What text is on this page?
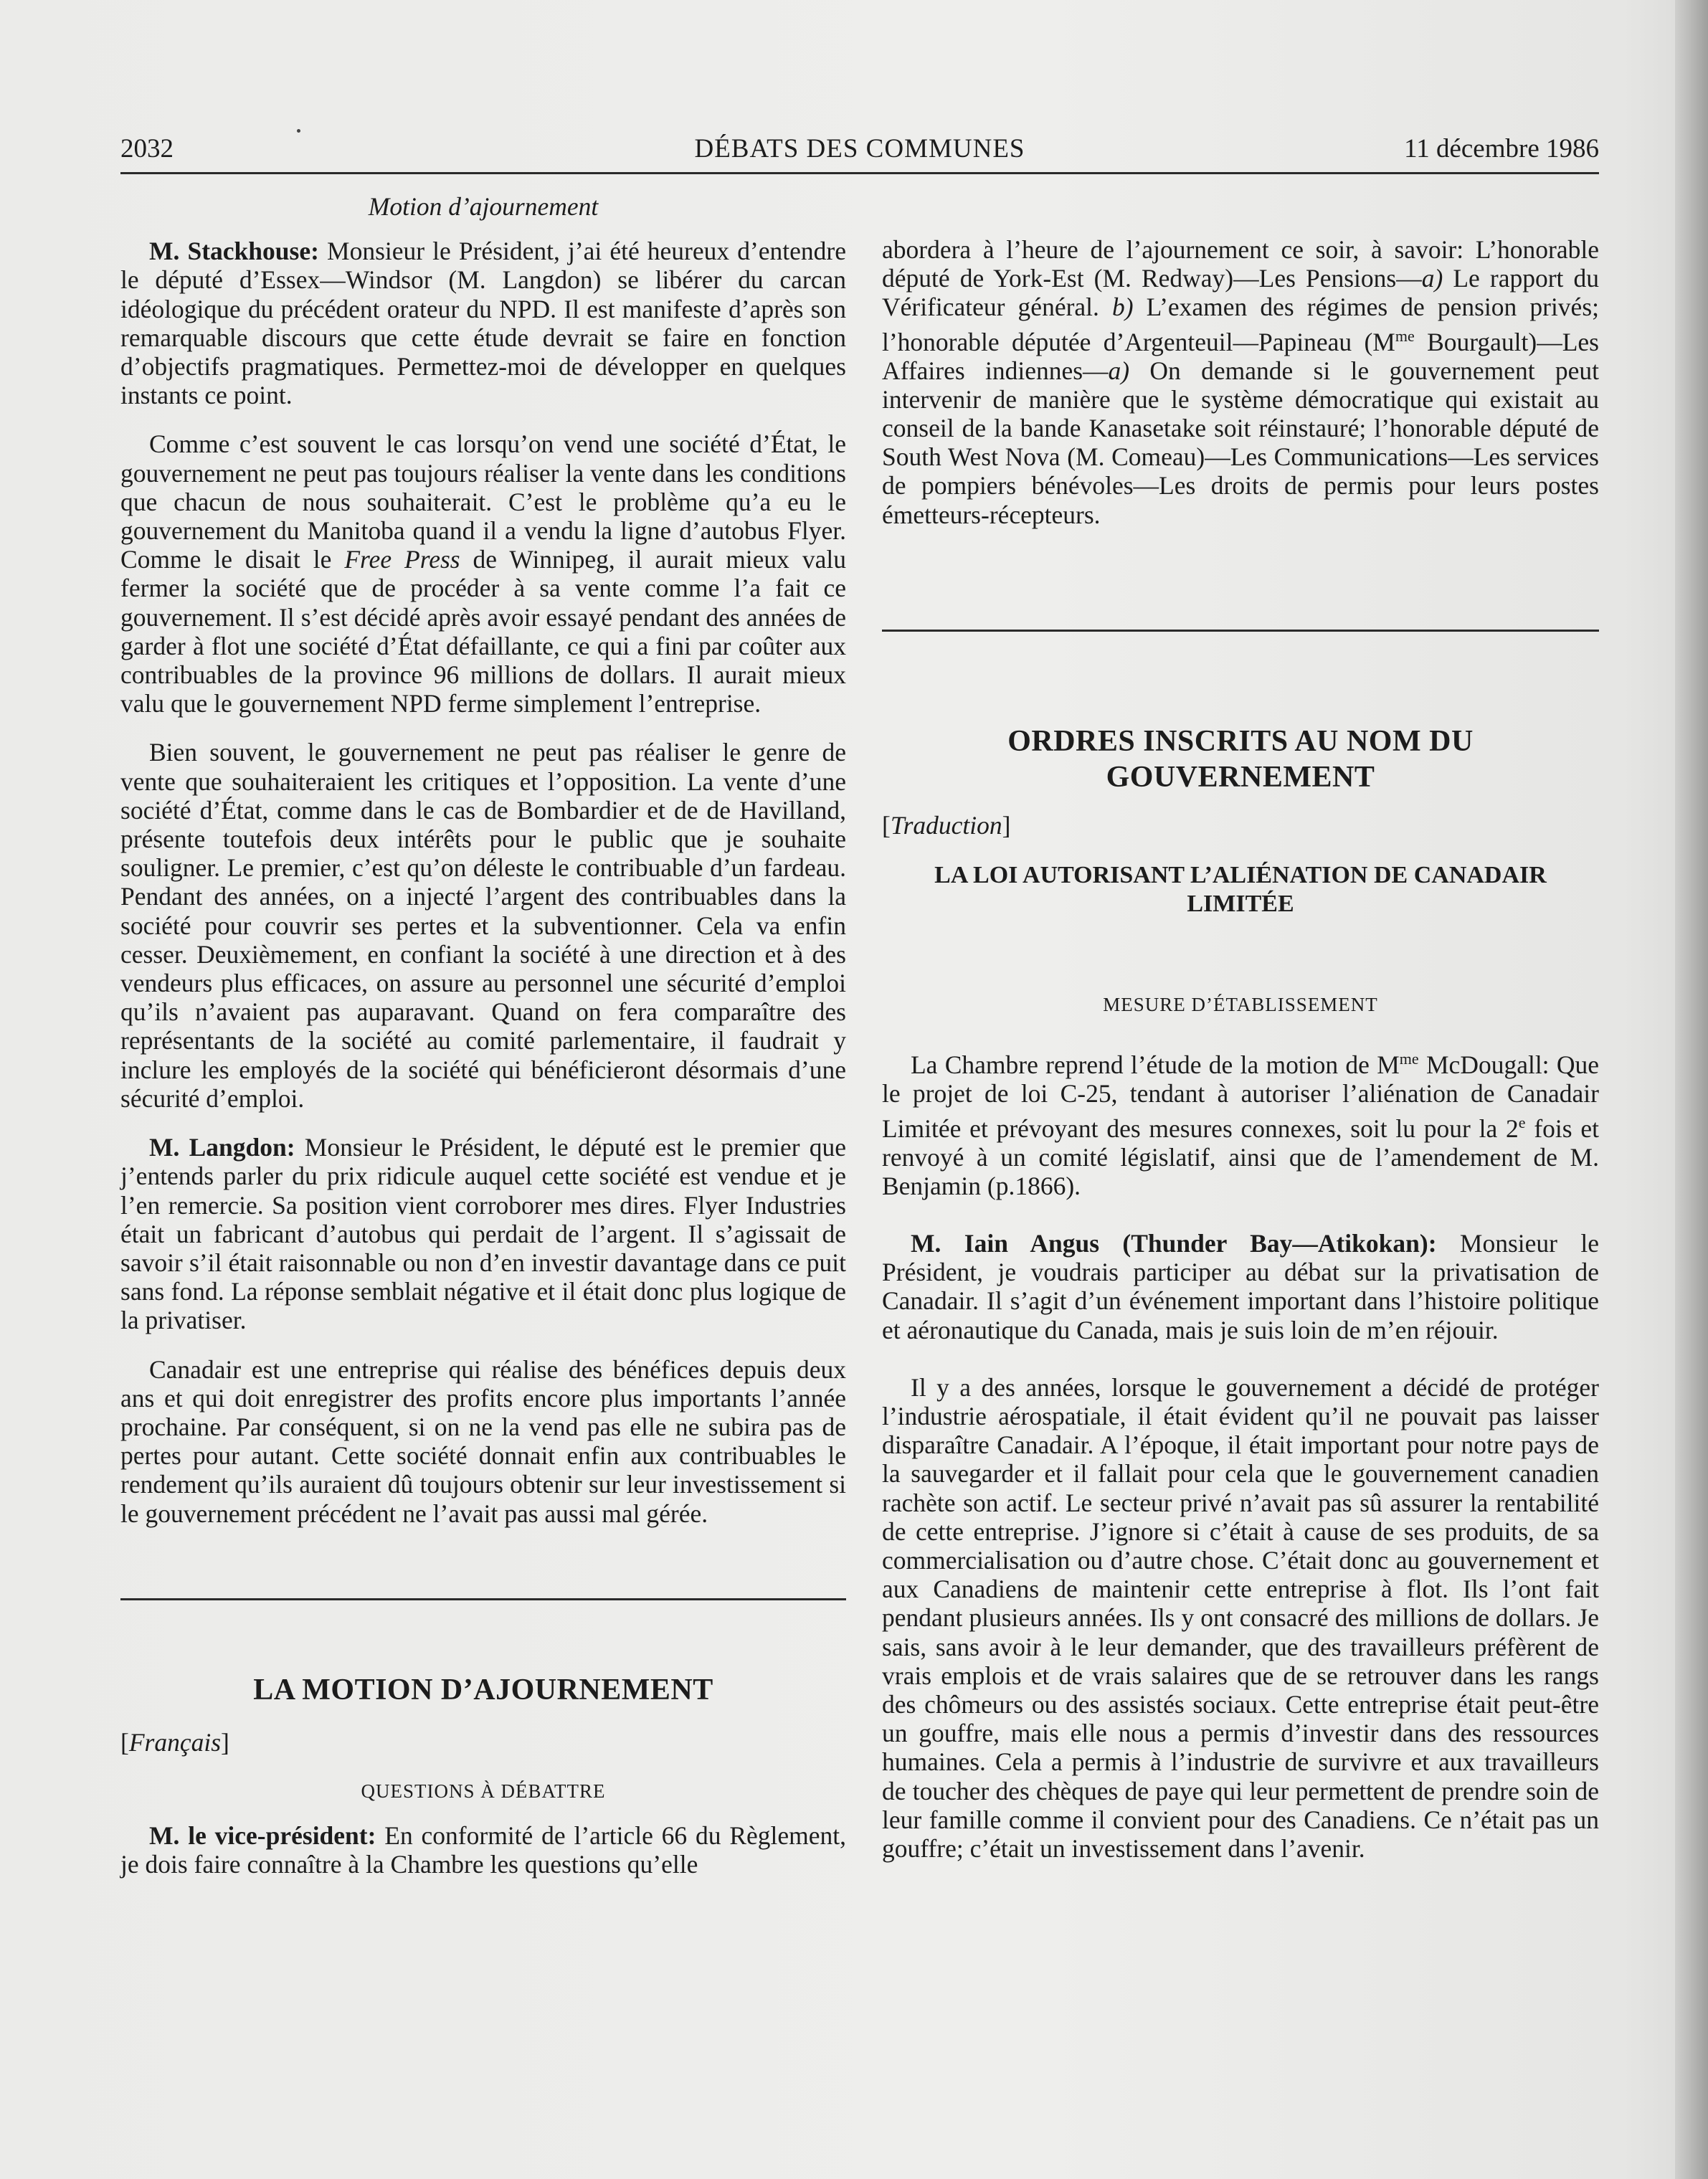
2032	DÉBATS DES COMMUNES	11 décembre 1986

Motion d’ajournement

M. Stackhouse: Monsieur le Président, j’ai été heureux d’entendre le député d’Essex—Windsor (M. Langdon) se libérer du carcan idéologique du précédent orateur du NPD. Il est manifeste d’après son remarquable discours que cette étude devrait se faire en fonction d’objectifs pragmatiques. Permettez-moi de développer en quelques instants ce point.

Comme c’est souvent le cas lorsqu’on vend une société d’État, le gouvernement ne peut pas toujours réaliser la vente dans les conditions que chacun de nous souhaiterait. C’est le problème qu’a eu le gouvernement du Manitoba quand il a vendu la ligne d’autobus Flyer. Comme le disait le Free Press de Winnipeg, il aurait mieux valu fermer la société que de procéder à sa vente comme l’a fait ce gouvernement. Il s’est décidé après avoir essayé pendant des années de garder à flot une société d’État défaillante, ce qui a fini par coûter aux contribuables de la province 96 millions de dollars. Il aurait mieux valu que le gouvernement NPD ferme simplement l’entreprise.

Bien souvent, le gouvernement ne peut pas réaliser le genre de vente que souhaiteraient les critiques et l’opposition. La vente d’une société d’État, comme dans le cas de Bombardier et de de Havilland, présente toutefois deux intérêts pour le public que je souhaite souligner. Le premier, c’est qu’on déleste le contribuable d’un fardeau. Pendant des années, on a injecté l’argent des contribuables dans la société pour couvrir ses pertes et la subventionner. Cela va enfin cesser. Deuxièmement, en confiant la société à une direction et à des vendeurs plus efficaces, on assure au personnel une sécurité d’emploi qu’ils n’avaient pas auparavant. Quand on fera comparaître des représentants de la société au comité parlementaire, il faudrait y inclure les employés de la société qui bénéficieront désormais d’une sécurité d’emploi.

M. Langdon: Monsieur le Président, le député est le premier que j’entends parler du prix ridicule auquel cette société est vendue et je l’en remercie. Sa position vient corroborer mes dires. Flyer Industries était un fabricant d’autobus qui perdait de l’argent. Il s’agissait de savoir s’il était raisonnable ou non d’en investir davantage dans ce puit sans fond. La réponse semblait négative et il était donc plus logique de la privatiser.

Canadair est une entreprise qui réalise des bénéfices depuis deux ans et qui doit enregistrer des profits encore plus importants l’année prochaine. Par conséquent, si on ne la vend pas elle ne subira pas de pertes pour autant. Cette société donnait enfin aux contribuables le rendement qu’ils auraient dû toujours obtenir sur leur investissement si le gouvernement précédent ne l’avait pas aussi mal gérée.

LA MOTION D’AJOURNEMENT

[Français]

QUESTIONS À DÉBATTRE

M. le vice-président: En conformité de l’article 66 du Règlement, je dois faire connaître à la Chambre les questions qu’elle

abordera à l’heure de l’ajournement ce soir, à savoir: L’honorable député de York-Est (M. Redway)—Les Pensions—a) Le rapport du Vérificateur général. b) L’examen des régimes de pension privés; l’honorable députée d’Argenteuil—Papineau ($M^{me}$ Bourgault)—Les Affaires indiennes—a) On demande si le gouvernement peut intervenir de manière que le système démocratique qui existait au conseil de la bande Kanasetake soit réinstauré; l’honorable député de South West Nova (M. Comeau)—Les Communications—Les services de pompiers bénévoles—Les droits de permis pour leurs postes émetteurs-récepteurs.

ORDRES INSCRITS AU NOM DU

GOUVERNEMENT

[Traduction]

LA LOI AUTORISANT L’ALIÉNATION DE CANADAIR

LIMITÉE

MESURE D’ÉTABLISSEMENT

La Chambre reprend l’étude de la motion de $M^{me}$ McDougall: Que le projet de loi C-25, tendant à autoriser l’aliénation de Canadair Limitée et prévoyant des mesures connexes, soit lu pour la 2e fois et renvoyé à un comité législatif, ainsi que de l’amendement de M. Benjamin (p.1866).

M. Iain Angus (Thunder Bay—Atikokan): Monsieur le Président, je voudrais participer au débat sur la privatisation de Canadair. Il s’agit d’un événement important dans l’histoire politique et aéronautique du Canada, mais je suis loin de m’en réjouir.

Il y a des années, lorsque le gouvernement a décidé de protéger l’industrie aérospatiale, il était évident qu’il ne pouvait pas laisser disparaître Canadair. A l’époque, il était important pour notre pays de la sauvegarder et il fallait pour cela que le gouvernement canadien rachète son actif. Le secteur privé n’avait pas sû assurer la rentabilité de cette entreprise. J’ignore si c’était à cause de ses produits, de sa commercialisation ou d’autre chose. C’était donc au gouvernement et aux Canadiens de maintenir cette entreprise à flot. Ils l’ont fait pendant plusieurs années. Ils y ont consacré des millions de dollars. Je sais, sans avoir à le leur demander, que des travailleurs préfèrent de vrais emplois et de vrais salaires que de se retrouver dans les rangs des chômeurs ou des assistés sociaux. Cette entreprise était peut-être un gouffre, mais elle nous a permis d’investir dans des ressources humaines. Cela a permis à l’industrie de survivre et aux travailleurs de toucher des chèques de paye qui leur permettent de prendre soin de leur famille comme il convient pour des Canadiens. Ce n’était pas un gouffre; c’était un investissement dans l’avenir.
